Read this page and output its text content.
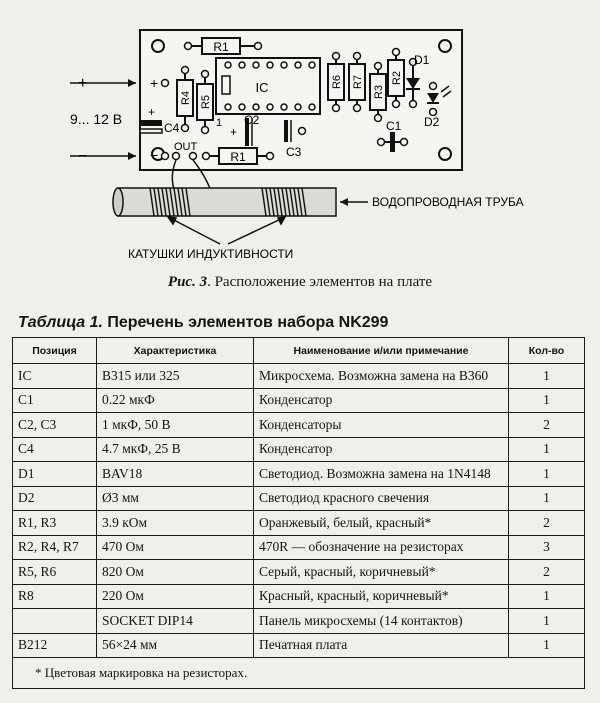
R1
R4 R5
IC
1
R6 R7
R3
R2
D1
D2
+
C4	+
C2
C3
C1
R1
+
− OUT
+
−
9... 12 В
ВОДОПРОВОДНАЯ ТРУБА
КАТУШКИ ИНДУКТИВНОСТИ
Рис. 3. Расположение элементов на плате
Таблица 1. Перечень элементов набора NK299
Позиция	Характеристика	Наименование и/или примечание	Кол-во
IC	B315 или 325	Микросхема. Возможна замена на B360	1
C1	0.22 мкФ	Конденсатор	1
C2, C3	1 мкФ, 50 В	Конденсаторы	2
C4	4.7 мкФ, 25 В	Конденсатор	1
D1	BAV18	Светодиод. Возможна замена на 1N4148	1
D2	Ø3 мм	Светодиод красного свечения	1
R1, R3	3.9 кОм	Оранжевый, белый, красный*	2
R2, R4, R7	470 Ом	470R — обозначение на резисторах	3
R5, R6	820 Ом	Серый, красный, коричневый*	2
R8	220 Ом	Красный, красный, коричневый*	1
	SOCKET DIP14	Панель микросхемы (14 контактов)	1
B212	56×24 мм	Печатная плата	1
* Цветовая маркировка на резисторах.			
